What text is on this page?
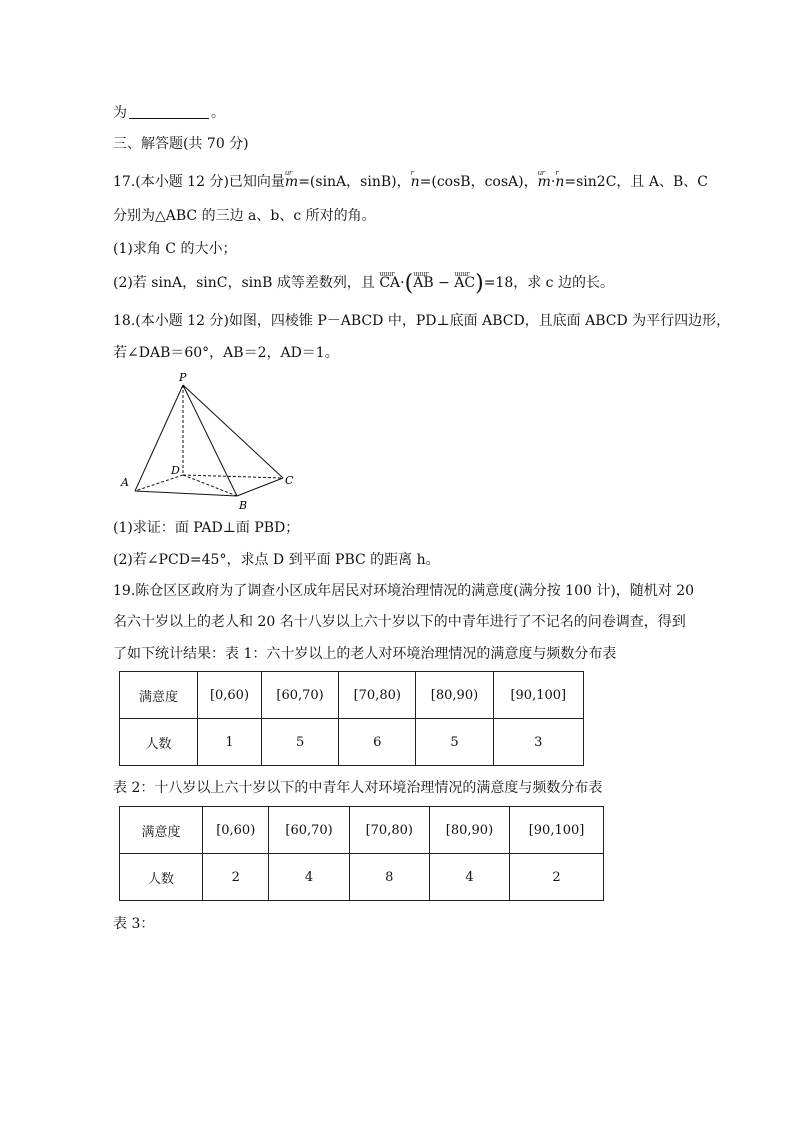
为	。
三、解答题(共 70 分)
17.(本小题 12 分)已知向量ur m=(sinA，sinB)，r n=(cosB，cosA)，ur m·r n=sin2C，且 A、B、C
分别为△ABC 的三边 a、b、c 所对的角。
(1)求角 C 的大小；
(2)若 sinA，sinC，sinB 成等差数列，且 uuur CA·(uuur AB − uuur AC)=18，求 c 边的长。
18.(本小题 12 分)如图，四棱锥 P－ABCD 中，PD⊥底面 ABCD，且底面 ABCD 为平行四边形，
若∠DAB＝60°，AB＝2，AD＝1。
P
A
B
C
D
(1)求证：面 PAD⊥面 PBD；
(2)若∠PCD=45°，求点 D 到平面 PBC 的距离 h。
19.陈仓区区政府为了调查小区成年居民对环境治理情况的满意度(满分按 100 计)，随机对 20
名六十岁以上的老人和 20 名十八岁以上六十岁以下的中青年进行了不记名的问卷调查，得到
了如下统计结果：表 1：六十岁以上的老人对环境治理情况的满意度与频数分布表
满意度	[0,60)	[60,70)	[70,80)	[80,90)	[90,100]
人数	1	5	6	5	3
表 2：十八岁以上六十岁以下的中青年人对环境治理情况的满意度与频数分布表
满意度	[0,60)	[60,70)	[70,80)	[80,90)	[90,100]
人数	2	4	8	4	2
表 3：
